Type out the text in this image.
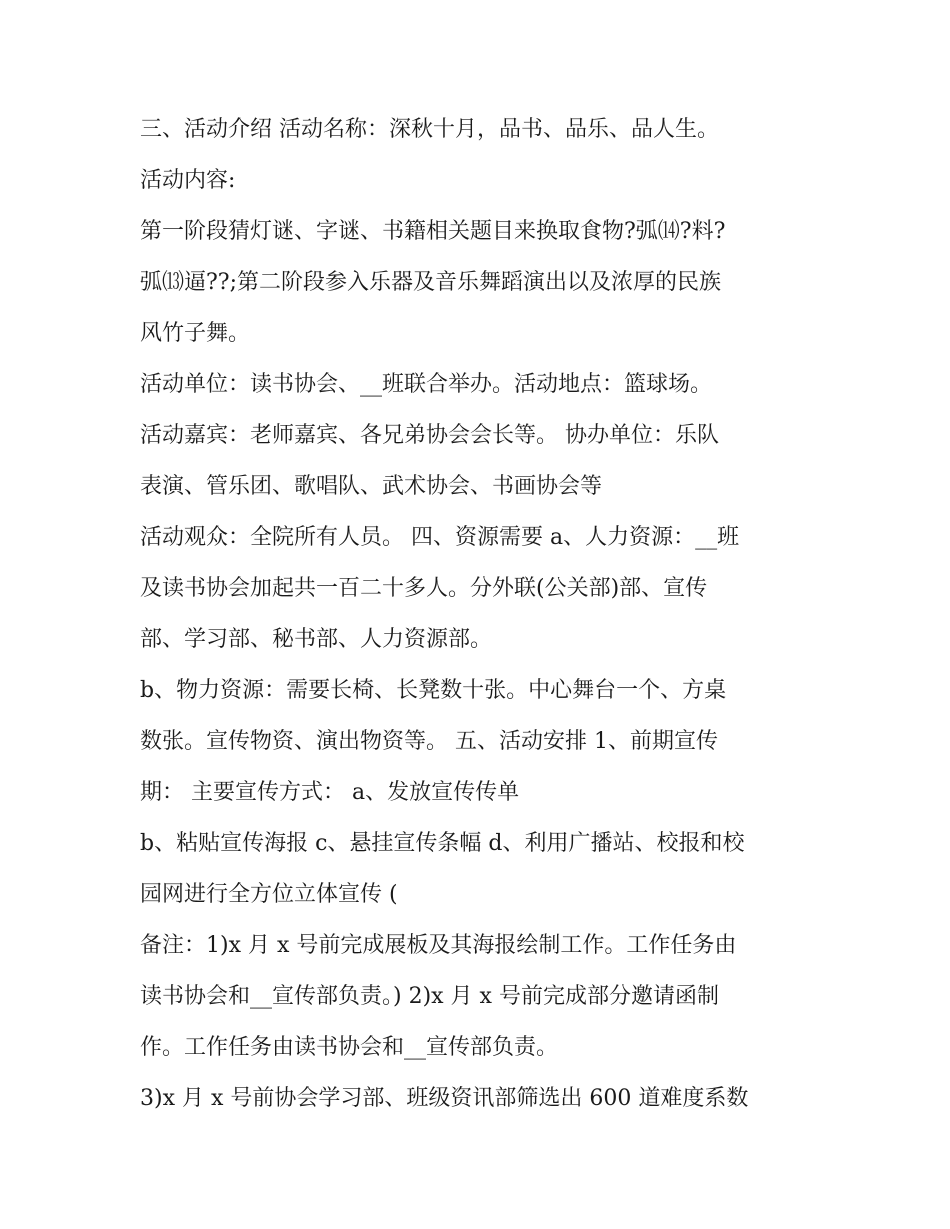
三、活动介绍 活动名称：深秋十月，品书、品乐、品人生。
活动内容:
第一阶段猜灯谜、字谜、书籍相关题目来换取食物?弧⒁?料?
弧⒀逼??;第二阶段参入乐器及音乐舞蹈演出以及浓厚的民族
风竹子舞。
活动单位：读书协会、__班联合举办。活动地点：篮球场。
活动嘉宾：老师嘉宾、各兄弟协会会长等。 协办单位：乐队
表演、管乐团、歌唱队、武术协会、书画协会等
活动观众：全院所有人员。 四、资源需要 a、人力资源：__班
及读书协会加起共一百二十多人。分外联(公关部)部、宣传
部、学习部、秘书部、人力资源部。
b、物力资源：需要长椅、长凳数十张。中心舞台一个、方桌
数张。宣传物资、演出物资等。 五、活动安排 1、前期宣传
期： 主要宣传方式： a、发放宣传传单
b、粘贴宣传海报 c、悬挂宣传条幅 d、利用广播站、校报和校
园网进行全方位立体宣传 (
备注：1)x 月 x 号前完成展板及其海报绘制工作。工作任务由
读书协会和__宣传部负责。) 2)x 月 x 号前完成部分邀请函制
作。工作任务由读书协会和__宣传部负责。
3)x 月 x 号前协会学习部、班级资讯部筛选出 600 道难度系数
